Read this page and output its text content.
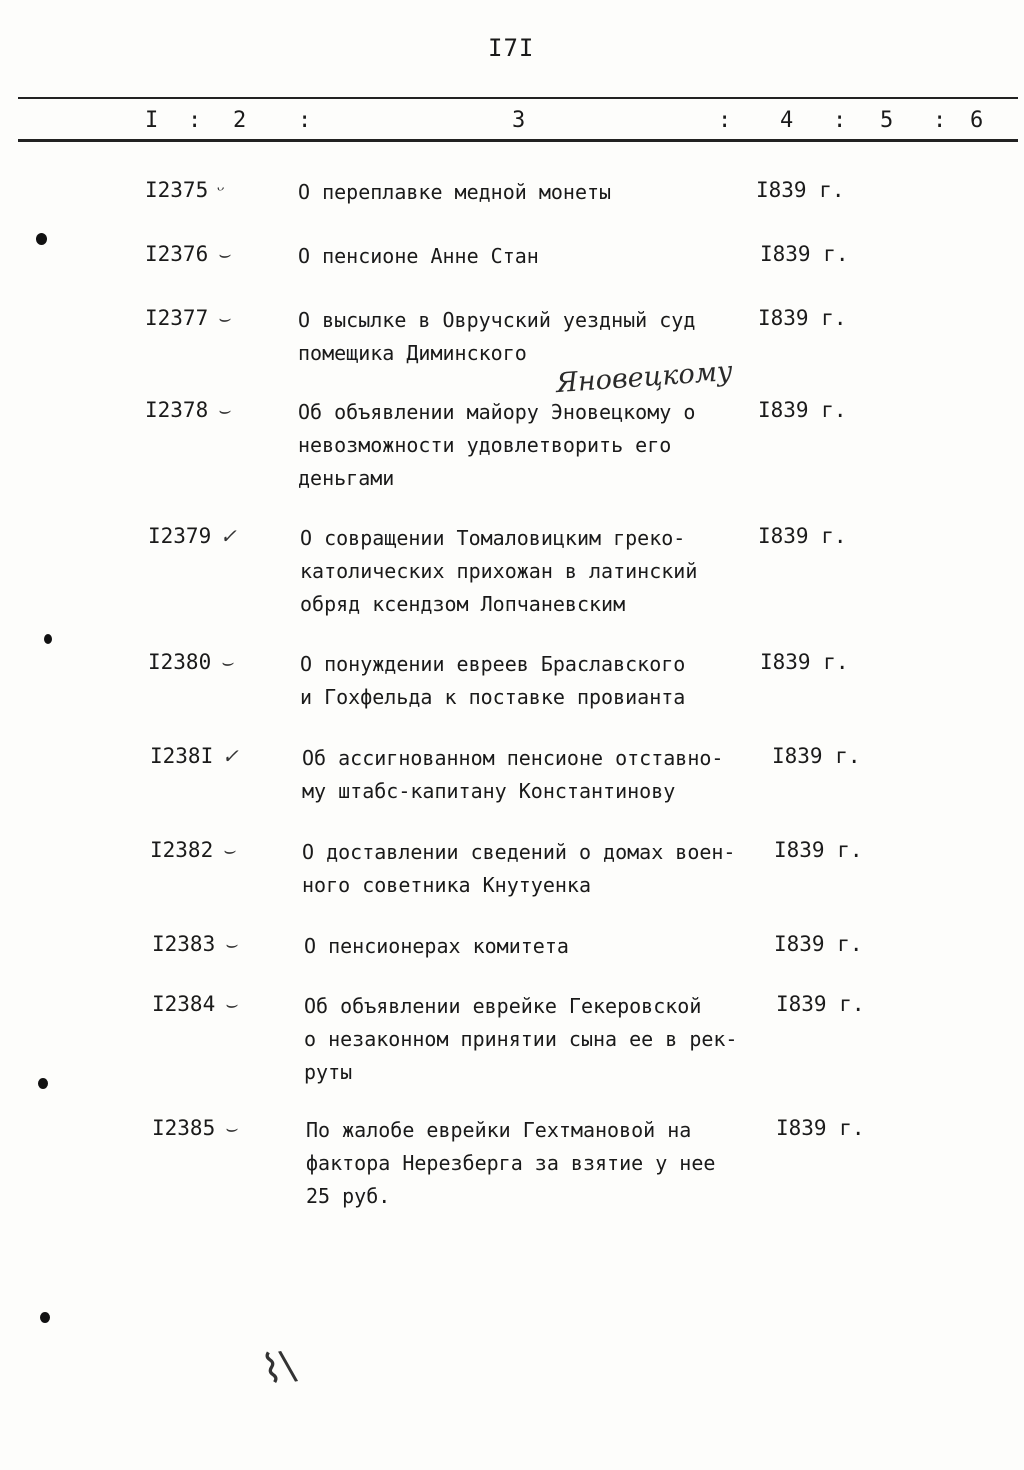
I7I
I : 2 :	3	: 4 : 5 : 6
Яновецкому
I2375 ᵕ	О переплавке медной монеты	I839 г.
I2376 ⌣	О пенсионе Анне Стан	I839 г.
I2377 ⌣	О высылке в Овручский уездный суд
помещика Диминского
I839 г.
I2378 ⌣	Об объявлении майору Эновецкому о
невозможности удовлетворить его
деньгами
I839 г.
I2379 ✓	О совращении Томаловицким греко-
католических прихожан в латинский
обряд ксендзом Лопчаневским
I839 г.
I2380 ⌣	О понуждении евреев Браславского
и Гохфельда к поставке провианта
I839 г.
I238I ✓	Об ассигнованном пенсионе отставно-
му штабс-капитану Константинову
I839 г.
I2382 ⌣	О доставлении сведений о домах воен-
ного советника Кнутуенка
I839 г.
I2383 ⌣	О пенсионерах комитета	I839 г.
I2384 ⌣	Об объявлении еврейке Гекеровской
о незаконном принятии сына ее в рек-
руты
I839 г.
I2385 ⌣	По жалобе еврейки Гехтмановой на
фактора Нерезберга за взятие у нее
25 руб.
I839 г.
⌇\
